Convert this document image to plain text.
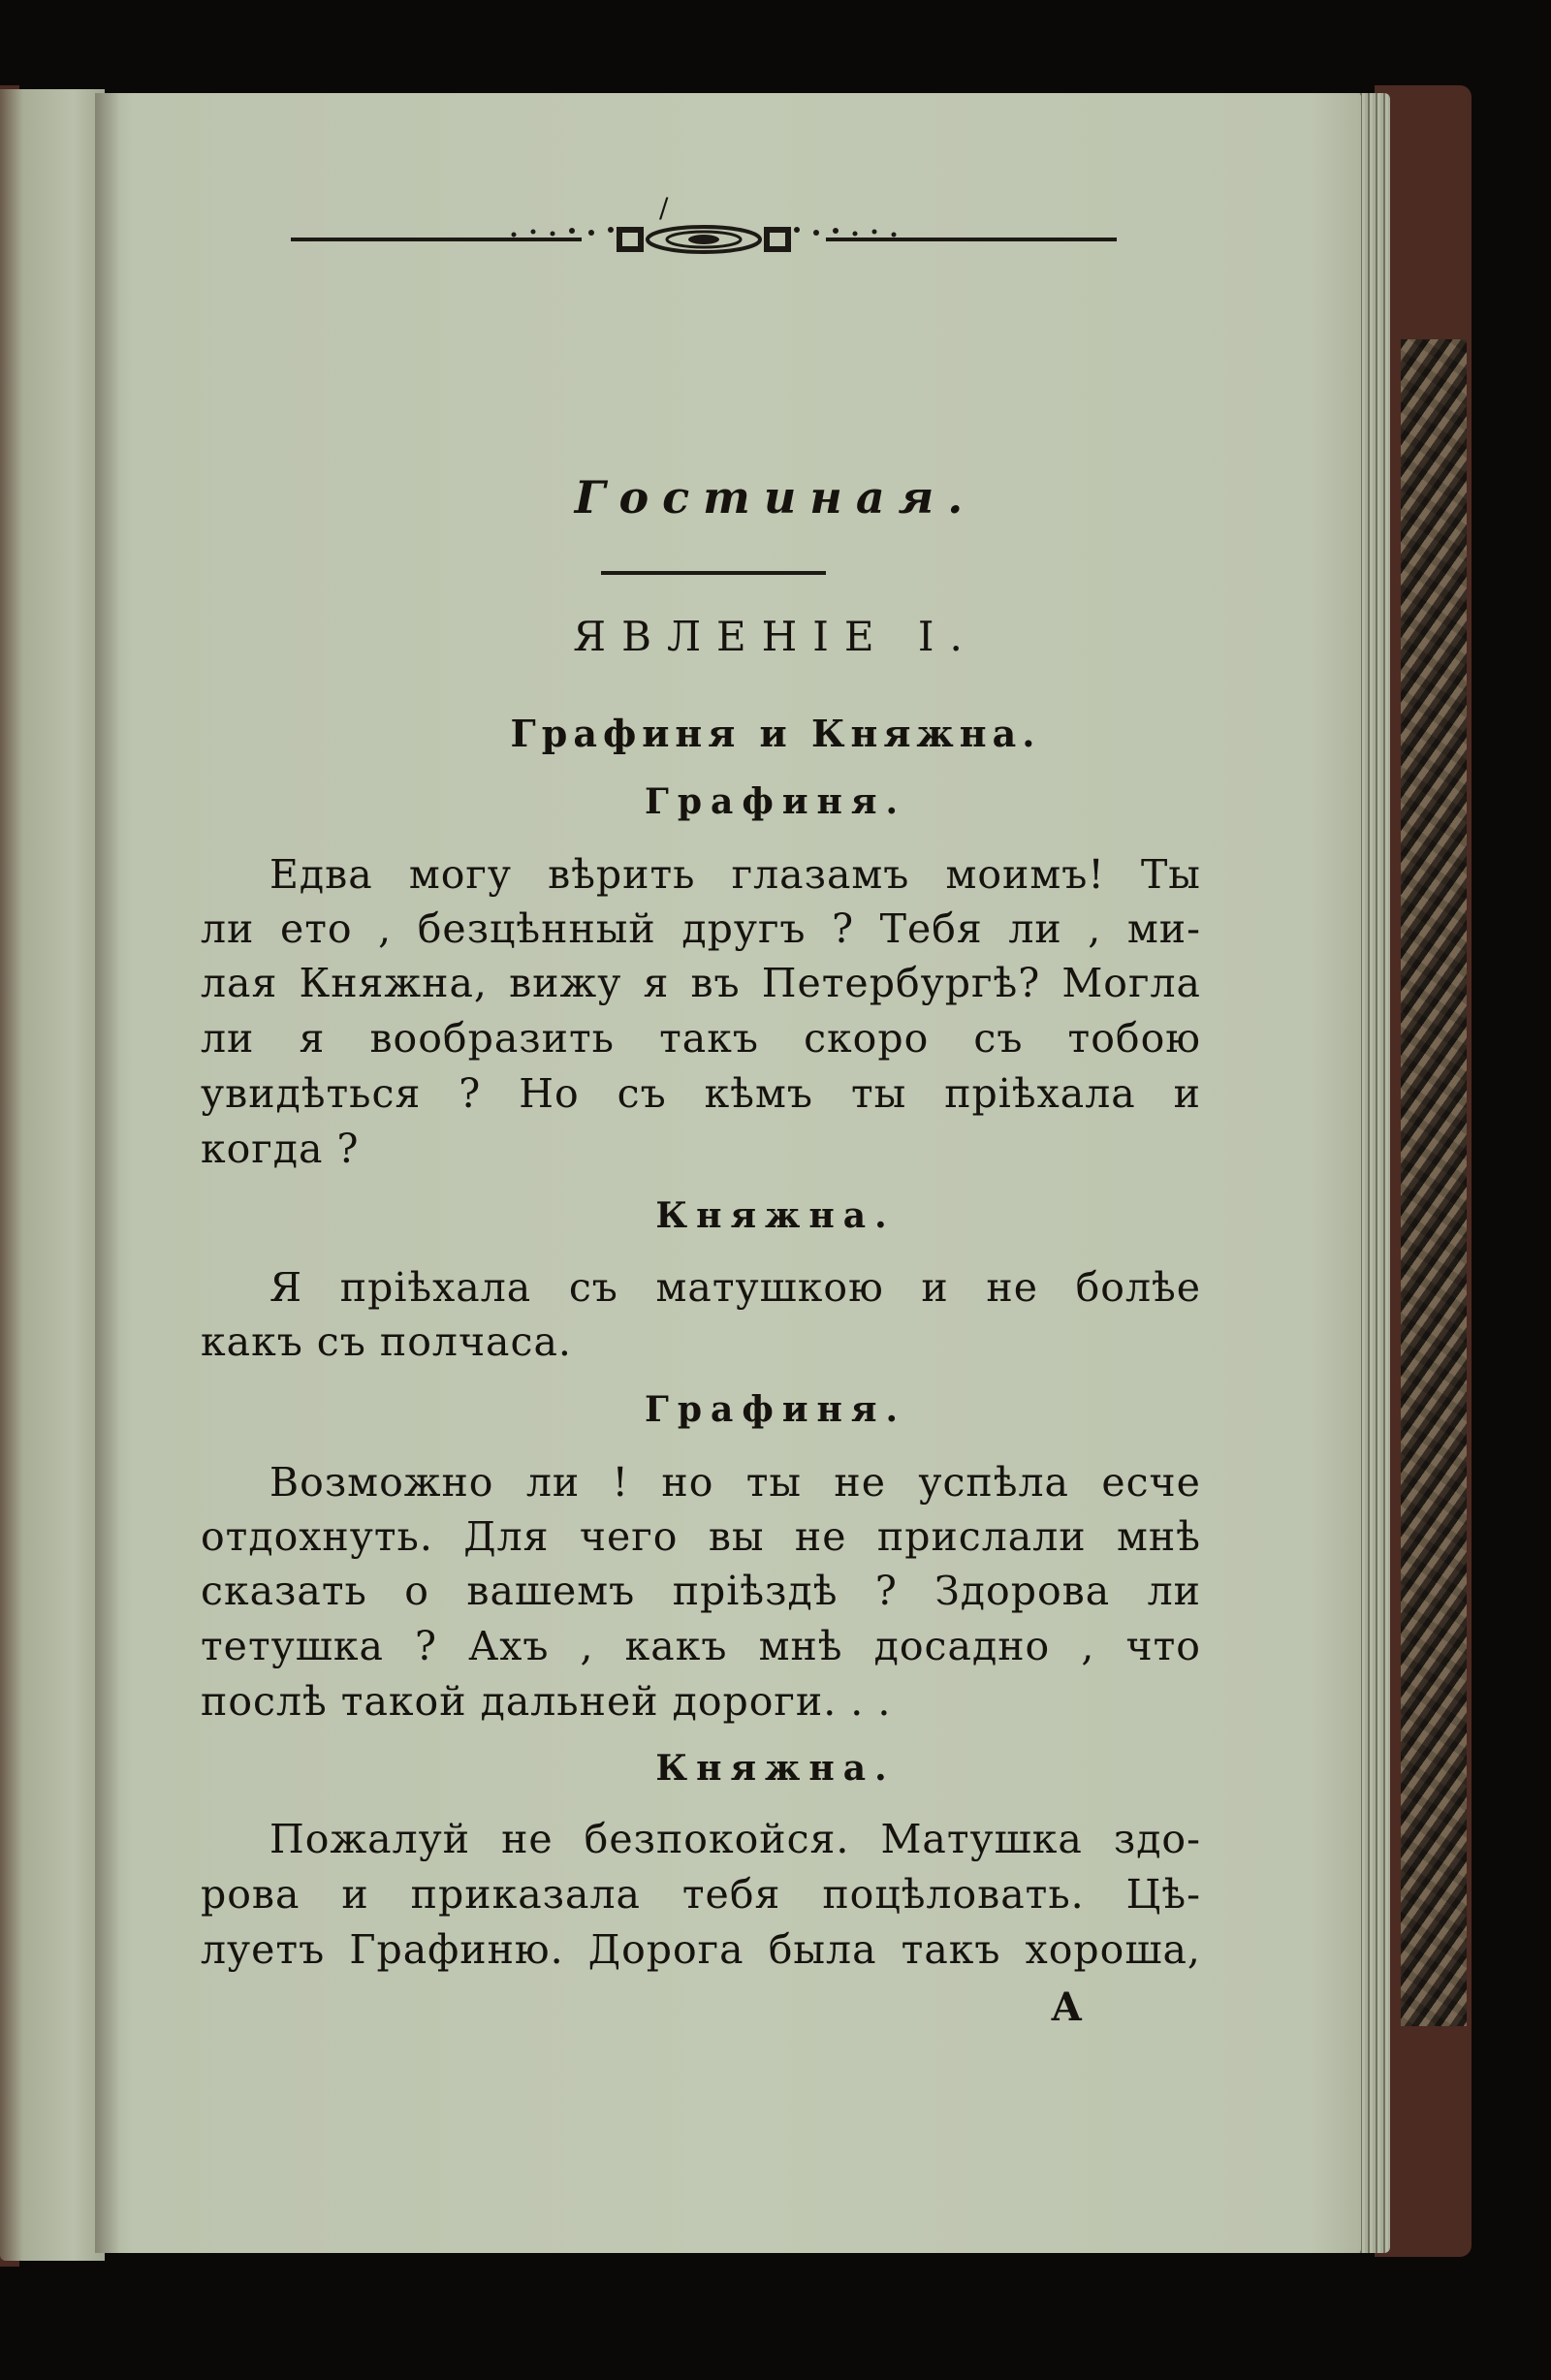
/
Гостиная.
ЯВЛЕНІЕ I.
Графиня и Княжна.
Графиня.
Едва могу вѣрить глазамъ моимъ! Ты
ли ето , безцѣнный другъ ? Тебя ли , ми-
лая Княжна, вижу я въ Петербургѣ? Могла
ли я вообразить такъ скоро съ тобою
увидѣться ? Но съ кѣмъ ты пріѣхала и
когда ?
Княжна.
Я пріѣхала съ матушкою и не болѣе
какъ съ полчаса.
Графиня.
Возможно ли ! но ты не успѣла есче
отдохнуть. Для чего вы не прислали мнѣ
сказать о вашемъ пріѣздѣ ? Здорова ли
тетушка ? Ахъ , какъ мнѣ досадно , что
послѣ такой дальней дороги. . .
Княжна.
Пожалуй не безпокойся. Матушка здо-
рова и приказала тебя поцѣловать. Цѣ-
луетъ Графиню. Дорога была такъ хороша,
А
